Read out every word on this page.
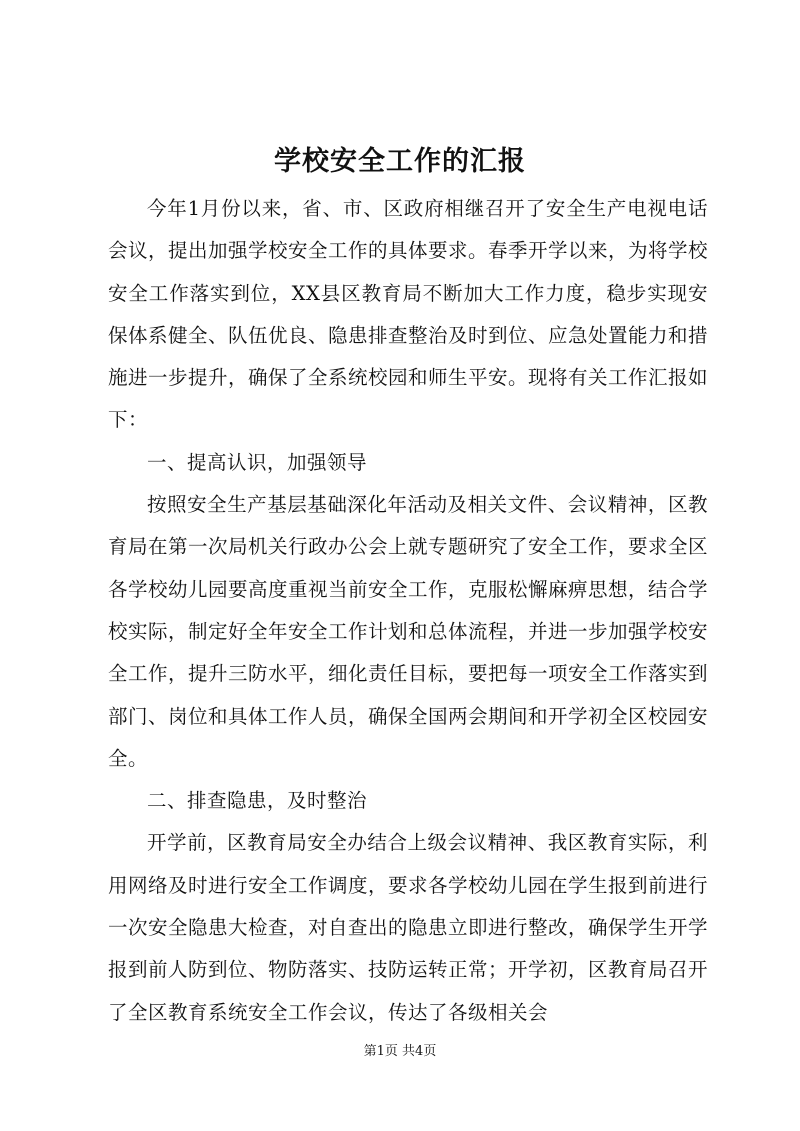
学校安全工作的汇报

今年1月份以来，省、市、区政府相继召开了安全生产电视电话会议，提出加强学校安全工作的具体要求。春季开学以来，为将学校安全工作落实到位，XX县区教育局不断加大工作力度，稳步实现安保体系健全、队伍优良、隐患排查整治及时到位、应急处置能力和措施进一步提升，确保了全系统校园和师生平安。现将有关工作汇报如下：

一、提高认识，加强领导

按照安全生产基层基础深化年活动及相关文件、会议精神，区教育局在第一次局机关行政办公会上就专题研究了安全工作，要求全区各学校幼儿园要高度重视当前安全工作，克服松懈麻痹思想，结合学校实际，制定好全年安全工作计划和总体流程，并进一步加强学校安全工作，提升三防水平，细化责任目标，要把每一项安全工作落实到部门、岗位和具体工作人员，确保全国两会期间和开学初全区校园安全。

二、排查隐患，及时整治

开学前，区教育局安全办结合上级会议精神、我区教育实际，利用网络及时进行安全工作调度，要求各学校幼儿园在学生报到前进行一次安全隐患大检查，对自查出的隐患立即进行整改，确保学生开学报到前人防到位、物防落实、技防运转正常；开学初，区教育局召开了全区教育系统安全工作会议，传达了各级相关会

第1页 共4页
